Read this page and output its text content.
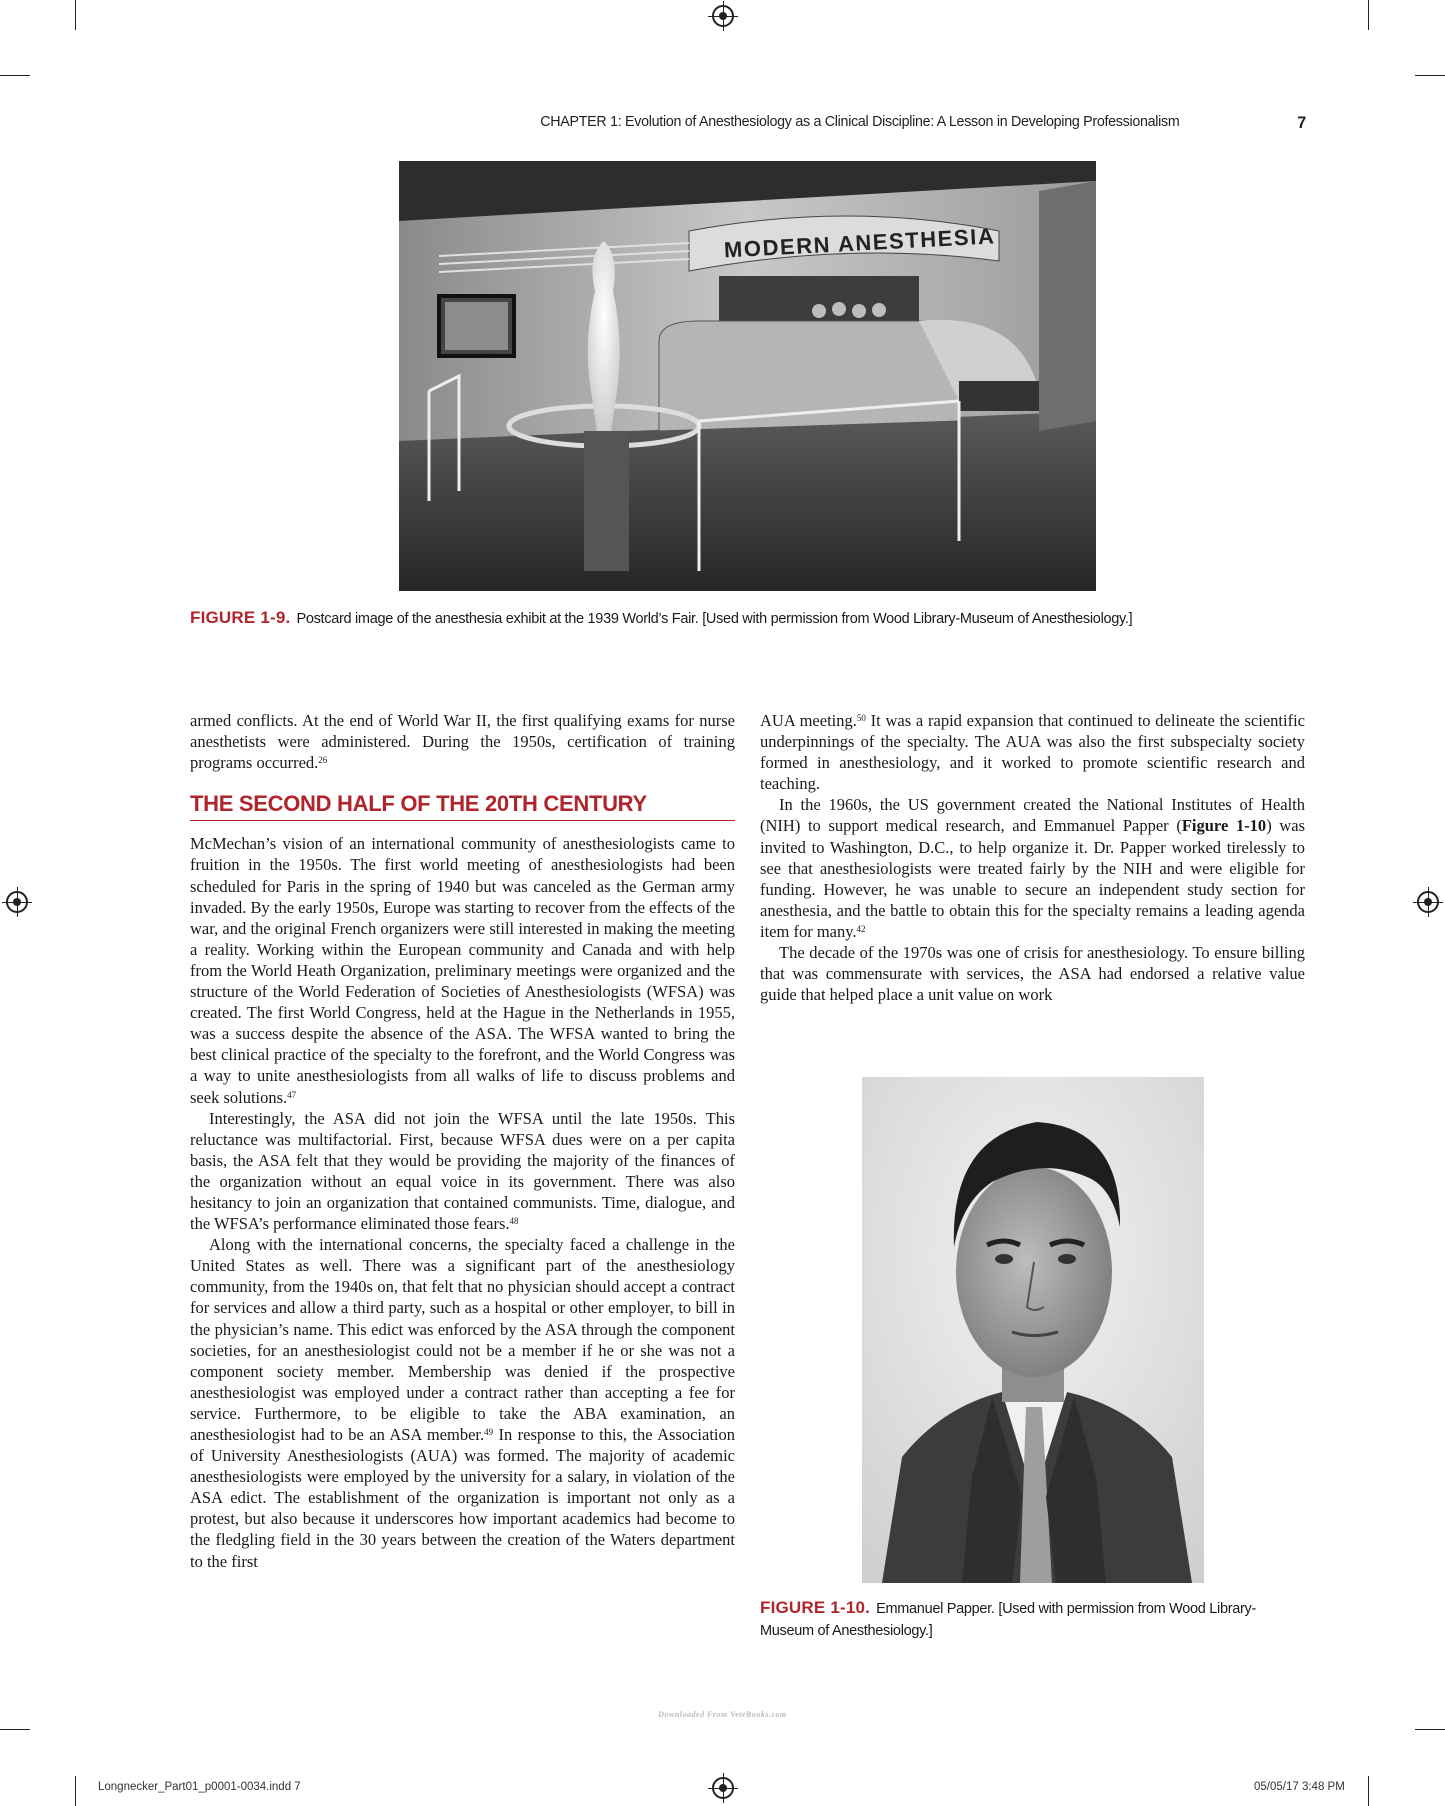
CHAPTER 1: Evolution of Anesthesiology as a Clinical Discipline: A Lesson in Developing Professionalism	7
MODERN ANESTHESIA
FIGURE 1-9. Postcard image of the anesthesia exhibit at the 1939 World’s Fair. [Used with permission from Wood Library-Museum of Anesthesiology.]

armed conflicts. At the end of World War II, the first qualifying exams for nurse anesthetists were administered. During the 1950s, certification of training programs occurred.$^{26}$

THE SECOND HALF OF THE 20TH CENTURY

McMechan’s vision of an international community of anesthesiologists came to fruition in the 1950s. The first world meeting of anesthesiologists had been scheduled for Paris in the spring of 1940 but was canceled as the German army invaded. By the early 1950s, Europe was starting to recover from the effects of the war, and the original French organizers were still interested in making the meeting a reality. Working within the European community and Canada and with help from the World Heath Organization, preliminary meetings were organized and the structure of the World Federation of Societies of Anesthesiologists (WFSA) was created. The first World Congress, held at the Hague in the Netherlands in 1955, was a success despite the absence of the ASA. The WFSA wanted to bring the best clinical practice of the specialty to the forefront, and the World Congress was a way to unite anesthesiologists from all walks of life to discuss problems and seek solutions.$^{47}$

Interestingly, the ASA did not join the WFSA until the late 1950s. This reluctance was multifactorial. First, because WFSA dues were on a per capita basis, the ASA felt that they would be providing the majority of the finances of the organization without an equal voice in its government. There was also hesitancy to join an organization that contained communists. Time, dialogue, and the WFSA’s performance eliminated those fears.$^{48}$

Along with the international concerns, the specialty faced a challenge in the United States as well. There was a significant part of the anesthesiology community, from the 1940s on, that felt that no physician should accept a contract for services and allow a third party, such as a hospital or other employer, to bill in the physician’s name. This edict was enforced by the ASA through the component societies, for an anesthesiologist could not be a member if he or she was not a component society member. Membership was denied if the prospective anesthesiologist was employed under a contract rather than accepting a fee for service. Furthermore, to be eligible to take the ABA examination, an anesthesiologist had to be an ASA member.$^{49}$ In response to this, the Association of University Anesthesiologists (AUA) was formed. The majority of academic anesthesiologists were employed by the university for a salary, in violation of the ASA edict. The establishment of the organization is important not only as a protest, but also because it underscores how important academics had become to the fledgling field in the 30 years between the creation of the Waters department to the first

AUA meeting.$^{50}$ It was a rapid expansion that continued to delineate the scientific underpinnings of the specialty. The AUA was also the first subspecialty society formed in anesthesiology, and it worked to promote scientific research and teaching.

In the 1960s, the US government created the National Institutes of Health (NIH) to support medical research, and Emmanuel Papper (Figure 1-10) was invited to Washington, D.C., to help organize it. Dr. Papper worked tirelessly to see that anesthesiologists were treated fairly by the NIH and were eligible for funding. However, he was unable to secure an independent study section for anesthesia, and the battle to obtain this for the specialty remains a leading agenda item for many.$^{42}$

The decade of the 1970s was one of crisis for anesthesiology. To ensure billing that was commensurate with services, the ASA had endorsed a relative value guide that helped place a unit value on work

FIGURE 1-10. Emmanuel Papper. [Used with permission from Wood Library-Museum of Anesthesiology.]
Downloaded From VeteBooks.com
Longnecker_Part01_p0001-0034.indd 7	05/05/17 3:48 PM
